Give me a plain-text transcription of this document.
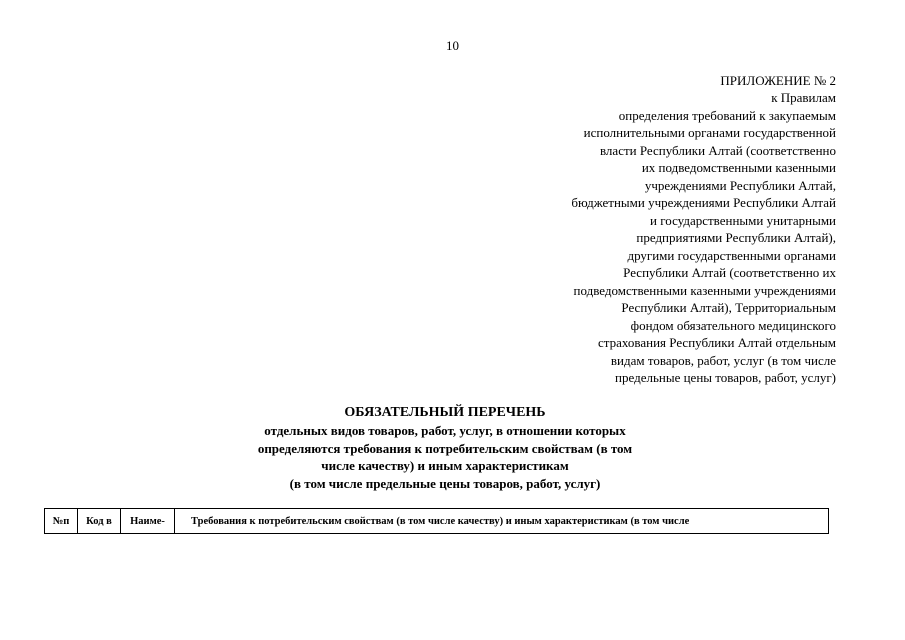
10
ПРИЛОЖЕНИЕ № 2
к Правилам
определения требований к закупаемым
исполнительными органами государственной
власти Республики Алтай (соответственно
их подведомственными казенными
учреждениями Республики Алтай,
бюджетными учреждениями Республики Алтай
и государственными унитарными
предприятиями Республики Алтай),
другими государственными органами
Республики Алтай (соответственно их
подведомственными казенными учреждениями
Республики Алтай), Территориальным
фондом обязательного медицинского
страхования Республики Алтай отдельным
видам товаров, работ, услуг (в том числе
предельные цены товаров, работ, услуг)
ОБЯЗАТЕЛЬНЫЙ ПЕРЕЧЕНЬ
отдельных видов товаров, работ, услуг, в отношении которых
определяются требования к потребительским свойствам (в том
числе качеству) и иным характеристикам
(в том числе предельные цены товаров, работ, услуг)
№п	Код в	Наиме-	Требования к потребительским свойствам (в том числе качеству) и иным характеристикам (в том числе
